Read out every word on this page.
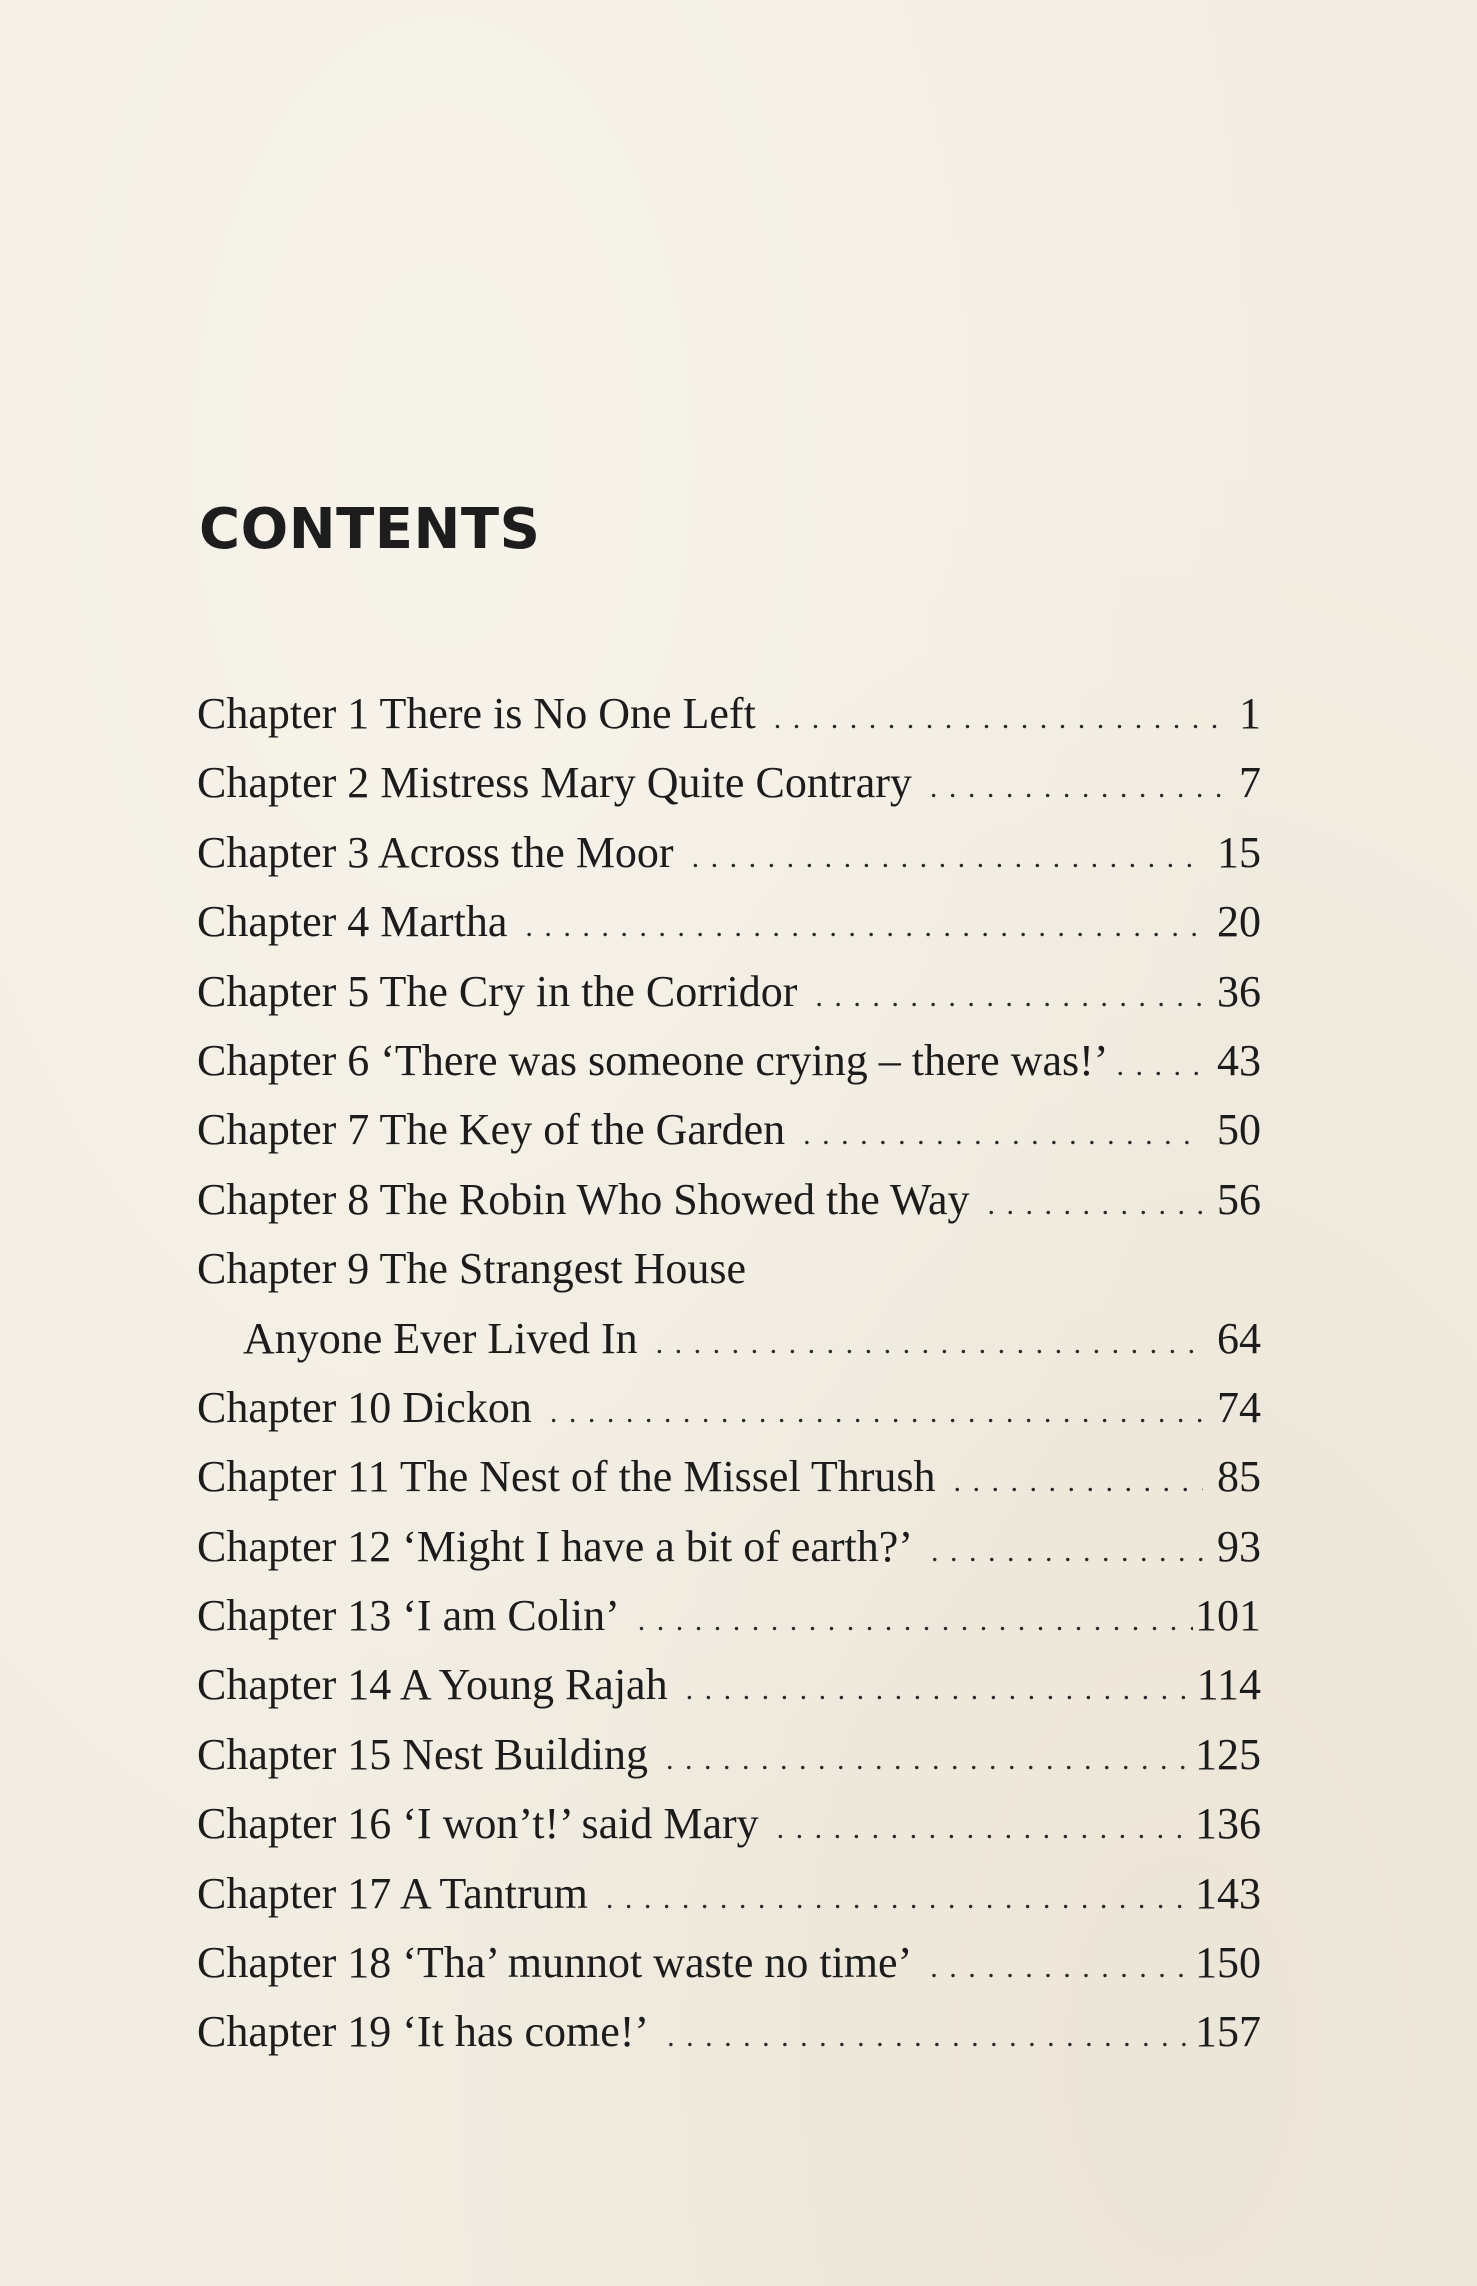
CONTENTS
Chapter 1 There is No One Left . . .	1
Chapter 2 Mistress Mary Quite Contrary . . .	7
Chapter 3 Across the Moor . . .	15
Chapter 4 Martha . . .	20
Chapter 5 The Cry in the Corridor . . .	36
Chapter 6 ‘There was someone crying – there was!’ . . . 43
Chapter 7 The Key of the Garden . . .	50
Chapter 8 The Robin Who Showed the Way . . .	56
Chapter 9 The Strangest House
Anyone Ever Lived In . . .	64
Chapter 10 Dickon . . .	74
Chapter 11 The Nest of the Missel Thrush . . .	85
Chapter 12 ‘Might I have a bit of earth?’ . . .	93
Chapter 13 ‘I am Colin’ . . .	101
Chapter 14 A Young Rajah . . .	114
Chapter 15 Nest Building . . .	125
Chapter 16 ‘I won’t!’ said Mary . . .	136
Chapter 17 A Tantrum . . .	143
Chapter 18 ‘Tha’ munnot waste no time’ . . .	150
Chapter 19 ‘It has come!’ . . .	157
